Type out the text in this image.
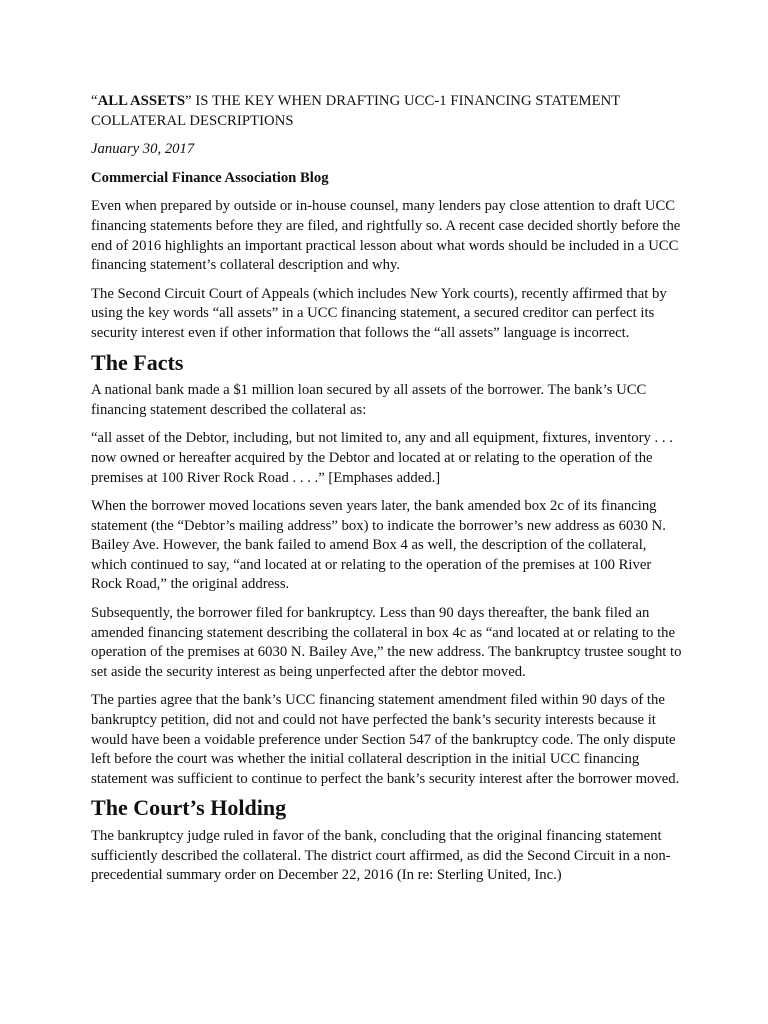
“ALL ASSETS” IS THE KEY WHEN DRAFTING UCC-1 FINANCING STATEMENT COLLATERAL DESCRIPTIONS
January 30, 2017
Commercial Finance Association Blog

Even when prepared by outside or in-house counsel, many lenders pay close attention to draft UCC financing statements before they are filed, and rightfully so. A recent case decided shortly before the end of 2016 highlights an important practical lesson about what words should be included in a UCC financing statement’s collateral description and why.

The Second Circuit Court of Appeals (which includes New York courts), recently affirmed that by using the key words “all assets” in a UCC financing statement, a secured creditor can perfect its security interest even if other information that follows the “all assets” language is incorrect.

The Facts

A national bank made a $1 million loan secured by all assets of the borrower. The bank’s UCC financing statement described the collateral as:

“all asset of the Debtor, including, but not limited to, any and all equipment, fixtures, inventory . . . now owned or hereafter acquired by the Debtor and located at or relating to the operation of the premises at 100 River Rock Road . . . .” [Emphases added.]

When the borrower moved locations seven years later, the bank amended box 2c of its financing statement (the “Debtor’s mailing address” box) to indicate the borrower’s new address as 6030 N. Bailey Ave. However, the bank failed to amend Box 4 as well, the description of the collateral, which continued to say, “and located at or relating to the operation of the premises at 100 River Rock Road,” the original address.

Subsequently, the borrower filed for bankruptcy. Less than 90 days thereafter, the bank filed an amended financing statement describing the collateral in box 4c as “and located at or relating to the operation of the premises at 6030 N. Bailey Ave,” the new address. The bankruptcy trustee sought to set aside the security interest as being unperfected after the debtor moved.

The parties agree that the bank’s UCC financing statement amendment filed within 90 days of the bankruptcy petition, did not and could not have perfected the bank’s security interests because it would have been a voidable preference under Section 547 of the bankruptcy code. The only dispute left before the court was whether the initial collateral description in the initial UCC financing statement was sufficient to continue to perfect the bank’s security interest after the borrower moved.

The Court’s Holding

The bankruptcy judge ruled in favor of the bank, concluding that the original financing statement sufficiently described the collateral. The district court affirmed, as did the Second Circuit in a non-precedential summary order on December 22, 2016 (In re: Sterling United, Inc.)
